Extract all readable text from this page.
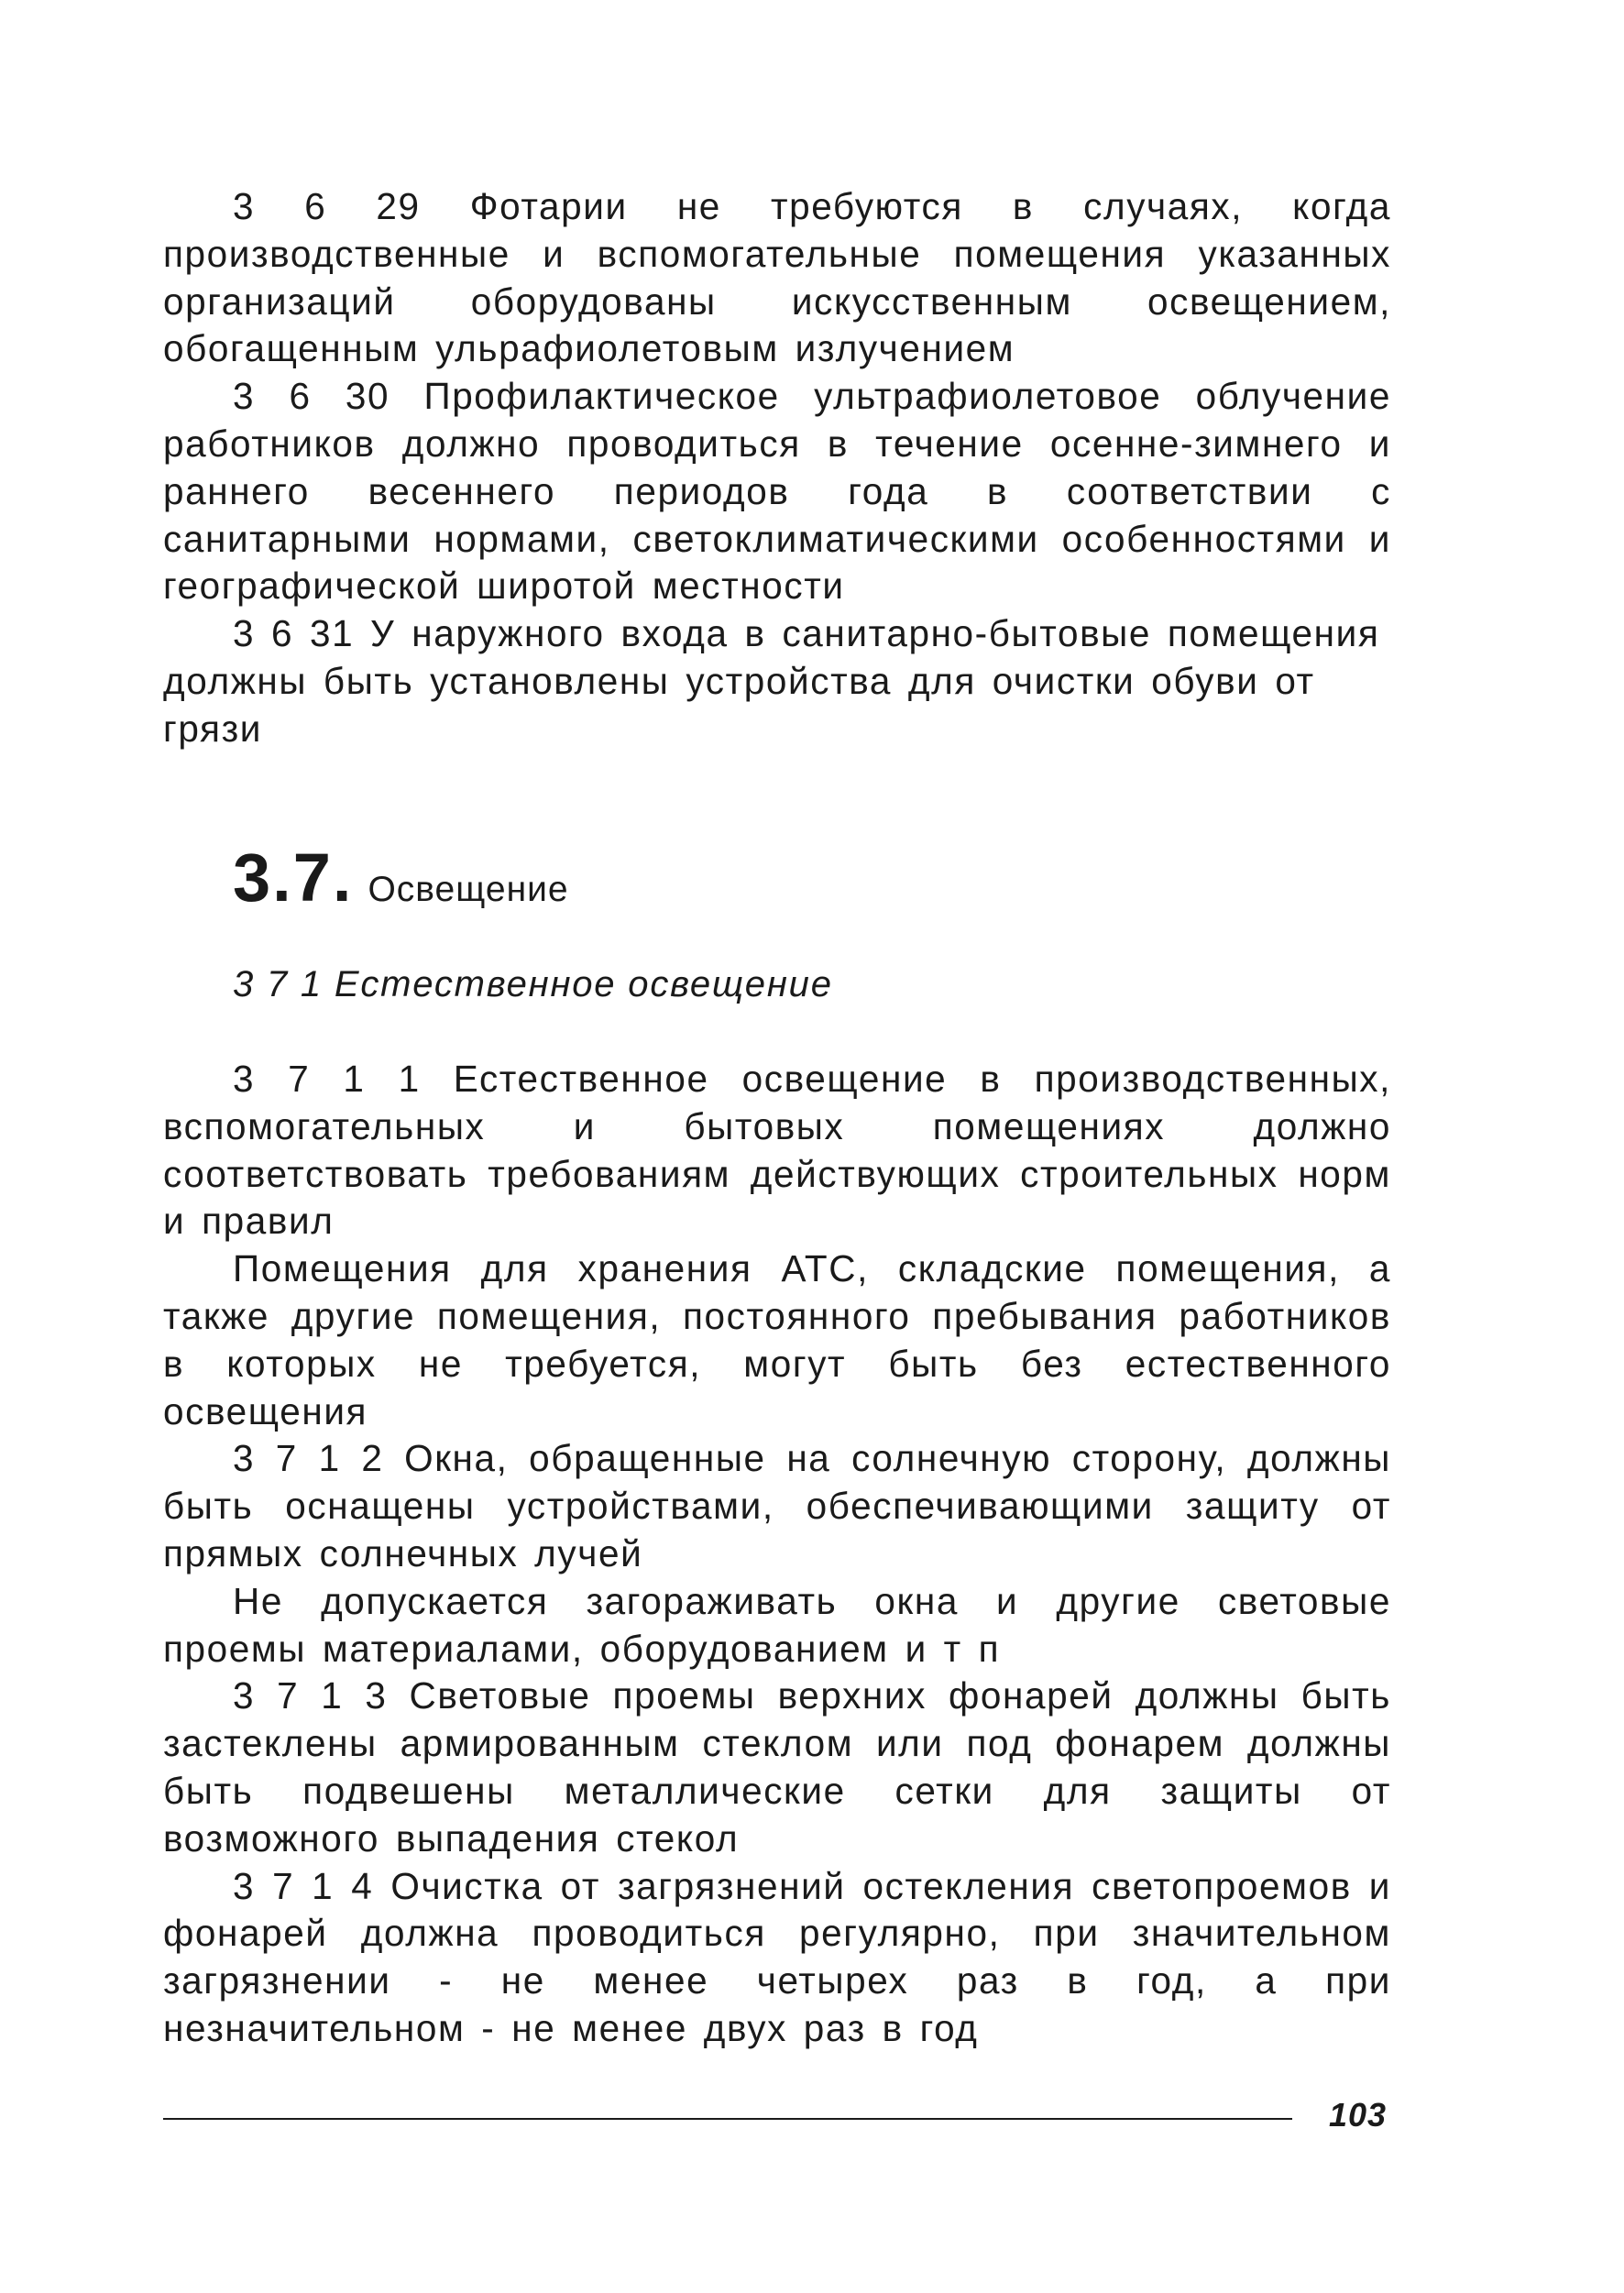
3 6 29 Фотарии не требуются в случаях, когда производственные и вспомогательные помещения указанных организаций оборудованы искусственным освещением, обогащенным ульрафиолетовым излучением

3 6 30 Профилактическое ультрафиолетовое облучение работников должно проводиться в течение осенне-зимнего и раннего весеннего периодов года в соответствии с санитарными нормами, светоклиматическими особенностями и географической широтой местности

3 6 31 У наружного входа в санитарно-бытовые помещения должны быть установлены устройства для очистки обуви от грязи

3.7. Освещение
3 7 1 Естественное освещение

3 7 1 1 Естественное освещение в производственных, вспомогательных и бытовых помещениях должно соответствовать требованиям действующих строительных норм и правил

Помещения для хранения АТС, складские помещения, а также другие помещения, постоянного пребывания работников в которых не требуется, могут быть без естественного освещения

3 7 1 2 Окна, обращенные на солнечную сторону, должны быть оснащены устройствами, обеспечивающими защиту от прямых солнечных лучей

Не допускается загораживать окна и другие световые проемы материалами, оборудованием и т п

3 7 1 3 Световые проемы верхних фонарей должны быть застеклены армированным стеклом или под фонарем должны быть подвешены металлические сетки для защиты от возможного выпадения стекол

3 7 1 4 Очистка от загрязнений остекления светопроемов и фонарей должна проводиться регулярно, при значительном загрязнении - не менее четырех раз в год, а при незначительном - не менее двух раз в год

103
